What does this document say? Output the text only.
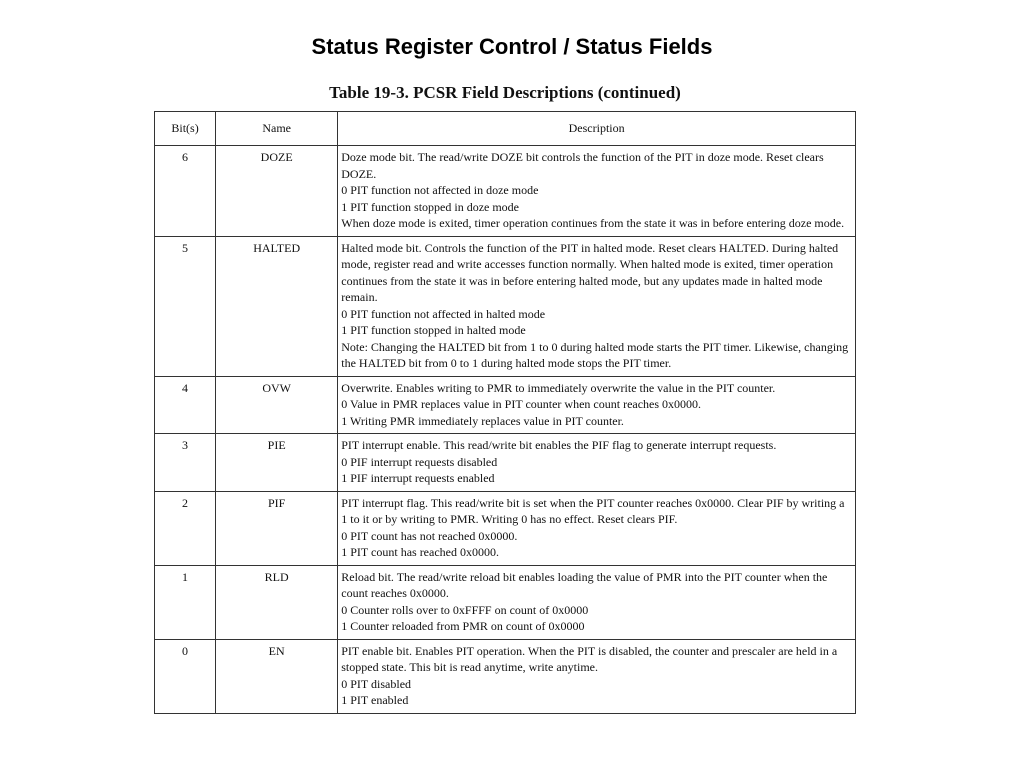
Status Register Control / Status Fields
Table 19-3. PCSR Field Descriptions (continued)
Bit(s)	Name	Description
6	DOZE	Doze mode bit. The read/write DOZE bit controls the function of the PIT in doze mode. Reset clears DOZE.
0 PIT function not affected in doze mode
1 PIT function stopped in doze mode
When doze mode is exited, timer operation continues from the state it was in before entering doze mode.

5	HALTED	Halted mode bit. Controls the function of the PIT in halted mode. Reset clears HALTED. During halted mode, register read and write accesses function normally. When halted mode is exited, timer operation continues from the state it was in before entering halted mode, but any updates made in halted mode remain.
0 PIT function not affected in halted mode
1 PIT function stopped in halted mode
Note: Changing the HALTED bit from 1 to 0 during halted mode starts the PIT timer. Likewise, changing the HALTED bit from 0 to 1 during halted mode stops the PIT timer.

4	OVW	Overwrite. Enables writing to PMR to immediately overwrite the value in the PIT counter.
0 Value in PMR replaces value in PIT counter when count reaches 0x0000.
1 Writing PMR immediately replaces value in PIT counter.

3	PIE	PIT interrupt enable. This read/write bit enables the PIF flag to generate interrupt requests.
0 PIF interrupt requests disabled
1 PIF interrupt requests enabled

2	PIF	PIT interrupt flag. This read/write bit is set when the PIT counter reaches 0x0000. Clear PIF by writing a 1 to it or by writing to PMR. Writing 0 has no effect. Reset clears PIF.
0 PIT count has not reached 0x0000.
1 PIT count has reached 0x0000.

1	RLD	Reload bit. The read/write reload bit enables loading the value of PMR into the PIT counter when the count reaches 0x0000.
0 Counter rolls over to 0xFFFF on count of 0x0000
1 Counter reloaded from PMR on count of 0x0000

0	EN	PIT enable bit. Enables PIT operation. When the PIT is disabled, the counter and prescaler are held in a stopped state. This bit is read anytime, write anytime.
0 PIT disabled
1 PIT enabled
